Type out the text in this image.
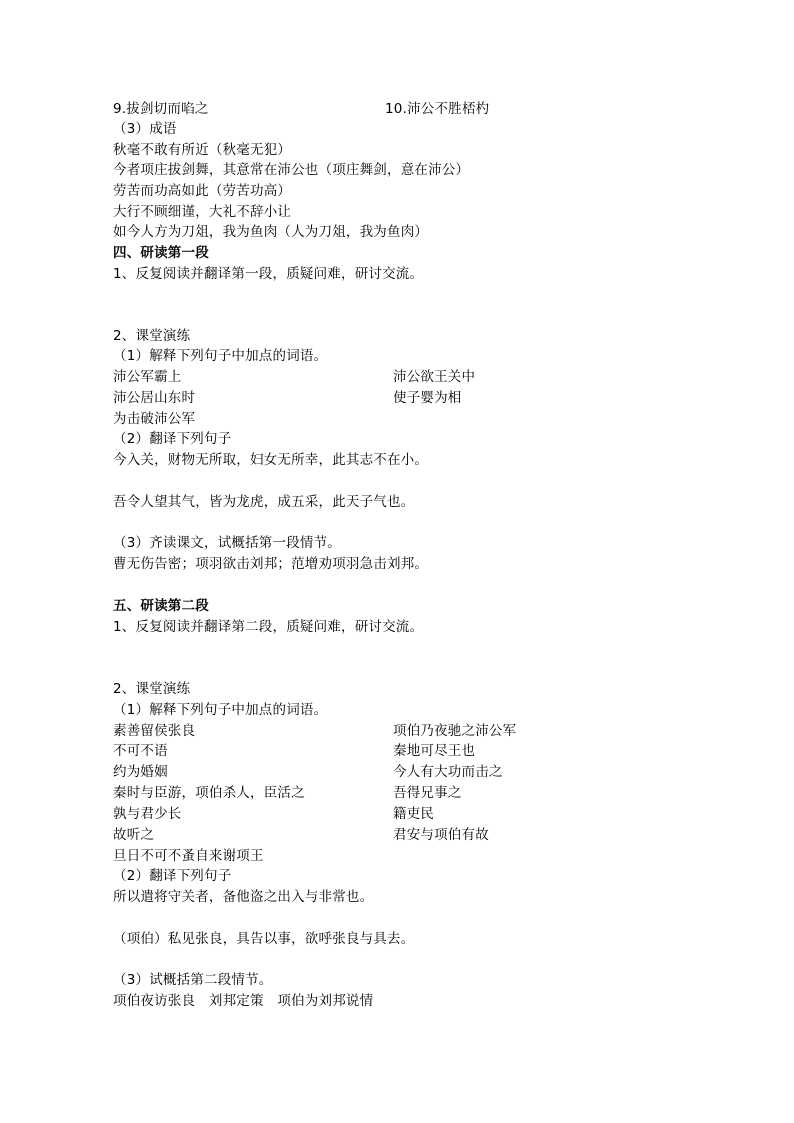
9.拔剑切而啗之	10.沛公不胜桮杓
（3）成语
秋毫不敢有所近（秋毫无犯）
今者项庄拔剑舞，其意常在沛公也（项庄舞剑，意在沛公）
劳苦而功高如此（劳苦功高）
大行不顾细谨，大礼不辞小让
如今人方为刀俎，我为鱼肉（人为刀俎，我为鱼肉）
四、研读第一段
1、反复阅读并翻译第一段，质疑问难，研讨交流。
2、课堂演练
（1）解释下列句子中加点的词语。
沛公军霸上	沛公欲王关中
沛公居山东时	使子婴为相
为击破沛公军
（2）翻译下列句子
今入关，财物无所取，妇女无所幸，此其志不在小。
吾令人望其气，皆为龙虎，成五采，此天子气也。
（3）齐读课文，试概括第一段情节。
曹无伤告密；项羽欲击刘邦；范增劝项羽急击刘邦。
五、研读第二段
1、反复阅读并翻译第二段，质疑问难，研讨交流。
2、课堂演练
（1）解释下列句子中加点的词语。
素善留侯张良	项伯乃夜驰之沛公军
不可不语	秦地可尽王也
约为婚姻	今人有大功而击之
秦时与臣游，项伯杀人，臣活之	吾得兄事之
孰与君少长	籍吏民
故听之	君安与项伯有故
旦日不可不蚤自来谢项王
（2）翻译下列句子
所以遣将守关者，备他盗之出入与非常也。
（项伯）私见张良，具告以事，欲呼张良与具去。
（3）试概括第二段情节。
项伯夜访张良　刘邦定策　项伯为刘邦说情
